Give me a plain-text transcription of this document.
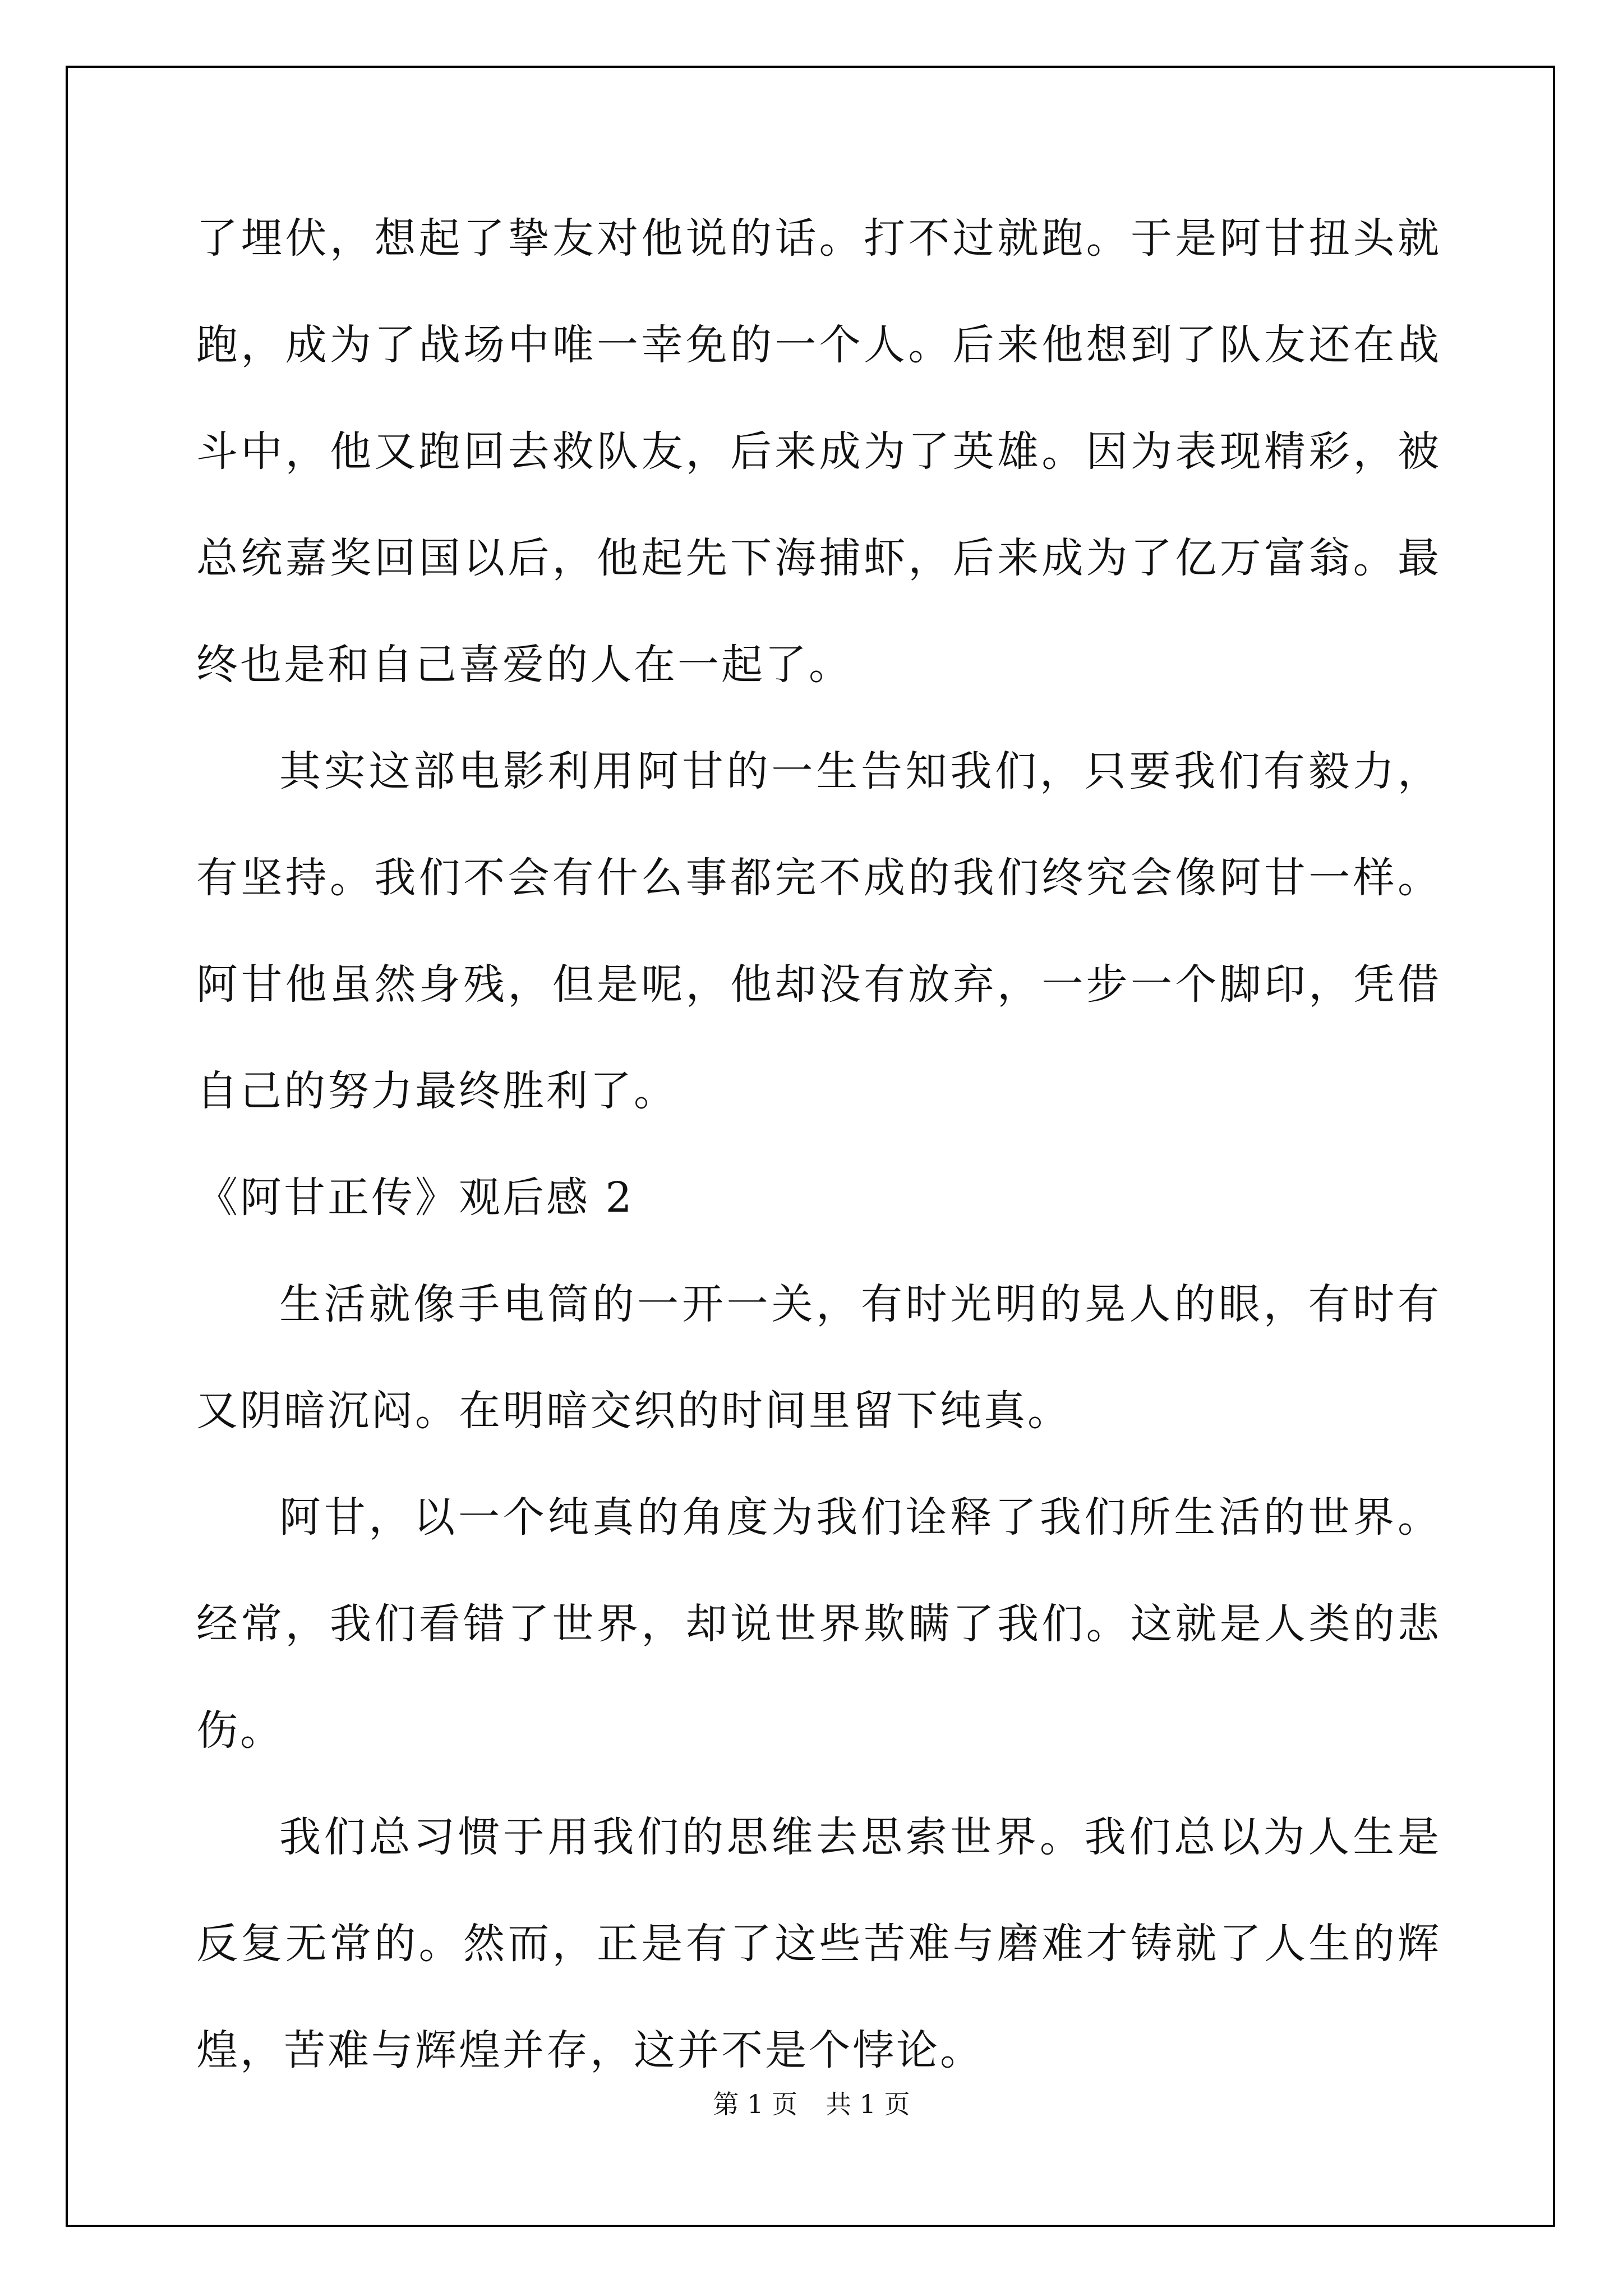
了埋伏，想起了挚友对他说的话。打不过就跑。于是阿甘扭头就跑，成为了战场中唯一幸免的一个人。后来他想到了队友还在战斗中，他又跑回去救队友，后来成为了英雄。因为表现精彩，被总统嘉奖回国以后，他起先下海捕虾，后来成为了亿万富翁。最终也是和自己喜爱的人在一起了。

其实这部电影利用阿甘的一生告知我们，只要我们有毅力，有坚持。我们不会有什么事都完不成的我们终究会像阿甘一样。阿甘他虽然身残，但是呢，他却没有放弃，一步一个脚印，凭借自己的努力最终胜利了。

《阿甘正传》观后感 2

生活就像手电筒的一开一关，有时光明的晃人的眼，有时有又阴暗沉闷。在明暗交织的时间里留下纯真。

阿甘，以一个纯真的角度为我们诠释了我们所生活的世界。经常，我们看错了世界，却说世界欺瞒了我们。这就是人类的悲伤。

我们总习惯于用我们的思维去思索世界。我们总以为人生是反复无常的。然而，正是有了这些苦难与磨难才铸就了人生的辉煌，苦难与辉煌并存，这并不是个悖论。

第 1 页 共 1 页
